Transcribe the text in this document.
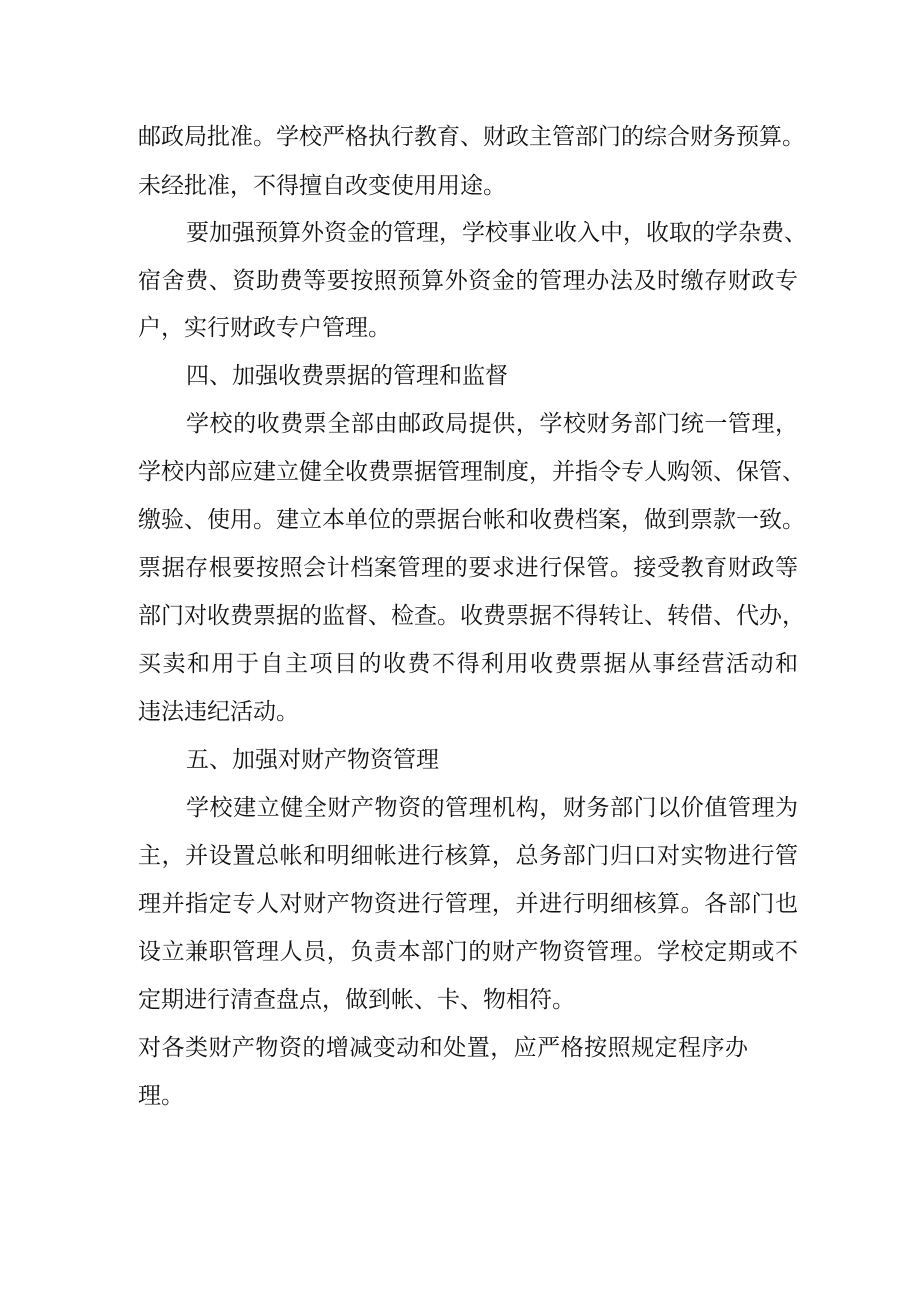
邮政局批准。学校严格执行教育、财政主管部门的综合财务预算。
未经批准，不得擅自改变使用用途。
要加强预算外资金的管理，学校事业收入中，收取的学杂费、
宿舍费、资助费等要按照预算外资金的管理办法及时缴存财政专
户，实行财政专户管理。
四、加强收费票据的管理和监督
学校的收费票全部由邮政局提供，学校财务部门统一管理，
学校内部应建立健全收费票据管理制度，并指令专人购领、保管、
缴验、使用。建立本单位的票据台帐和收费档案，做到票款一致。
票据存根要按照会计档案管理的要求进行保管。接受教育财政等
部门对收费票据的监督、检查。收费票据不得转让、转借、代办，
买卖和用于自主项目的收费不得利用收费票据从事经营活动和
违法违纪活动。
五、加强对财产物资管理
学校建立健全财产物资的管理机构，财务部门以价值管理为
主，并设置总帐和明细帐进行核算，总务部门归口对实物进行管
理并指定专人对财产物资进行管理，并进行明细核算。各部门也
设立兼职管理人员，负责本部门的财产物资管理。学校定期或不
定期进行清查盘点，做到帐、卡、物相符。
对各类财产物资的增减变动和处置，应严格按照规定程序办
理。
